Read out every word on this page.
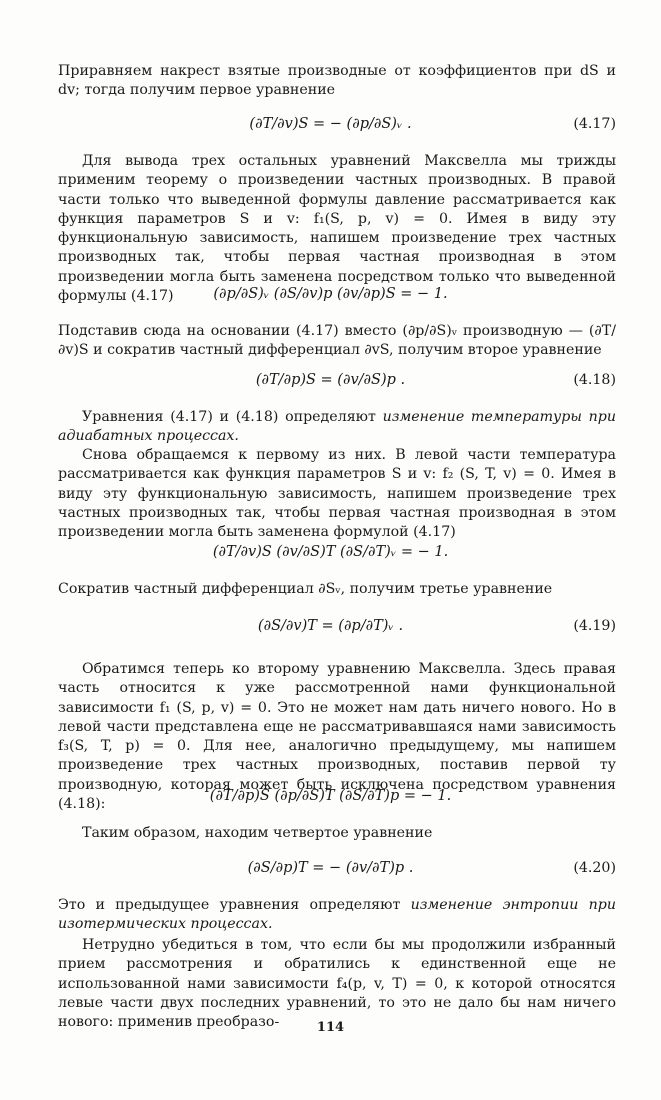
Приравняем накрест взятые производные от коэффициентов при dS и dv; тогда получим первое уравнение

(∂T/∂v)S = − (∂p/∂S)ᵥ .	(4.17)

Для вывода трех остальных уравнений Максвелла мы трижды применим теорему о произведении частных производных. В правой части только что выведенной формулы давление рассматривается как функция параметров S и v: f₁(S, p, v) = 0. Имея в виду эту функциональную зависимость, напишем произведение трех частных производных так, чтобы первая частная производная в этом произведении могла быть заменена посредством только что выведенной формулы (4.17)	(∂p/∂S)ᵥ (∂S/∂v)p (∂v/∂p)S = − 1.

Подставив сюда на основании (4.17) вместо (∂p/∂S)ᵥ производную — (∂T/∂v)S и сократив частный дифференциал ∂vS, получим второе уравнение

(∂T/∂p)S = (∂v/∂S)p .	(4.18)

Уравнения (4.17) и (4.18) определяют изменение температуры при адиабатных процессах.

Снова обращаемся к первому из них. В левой части температура рассматривается как функция параметров S и v: f₂ (S, T, v) = 0. Имея в виду эту функциональную зависимость, напишем произведение трех частных производных так, чтобы первая частная производная в этом произведении могла быть заменена формулой (4.17)

(∂T/∂v)S (∂v/∂S)T (∂S/∂T)ᵥ = − 1.

Сократив частный дифференциал ∂Sᵥ, получим третье уравнение

(∂S/∂v)T = (∂p/∂T)ᵥ .	(4.19)

Обратимся теперь ко второму уравнению Максвелла. Здесь правая часть относится к уже рассмотренной нами функциональной зависимости f₁ (S, p, v) = 0. Это не может нам дать ничего нового. Но в левой части представлена еще не рассматривавшаяся нами зависимость f₃(S, T, p) = 0. Для нее, аналогично предыдущему, мы напишем произведение трех частных производных, поставив первой ту производную, которая может быть исключена посредством уравнения (4.18):

(∂T/∂p)S (∂p/∂S)T (∂S/∂T)p = − 1.

Таким образом, находим четвертое уравнение

(∂S/∂p)T = − (∂v/∂T)p .	(4.20)

Это и предыдущее уравнения определяют изменение энтропии при изотермических процессах.

Нетрудно убедиться в том, что если бы мы продолжили избранный прием рассмотрения и обратились к единственной еще не использованной нами зависимости f₄(p, v, T) = 0, к которой относятся левые части двух последних уравнений, то это не дало бы нам ничего нового: применив преобразо-	114
